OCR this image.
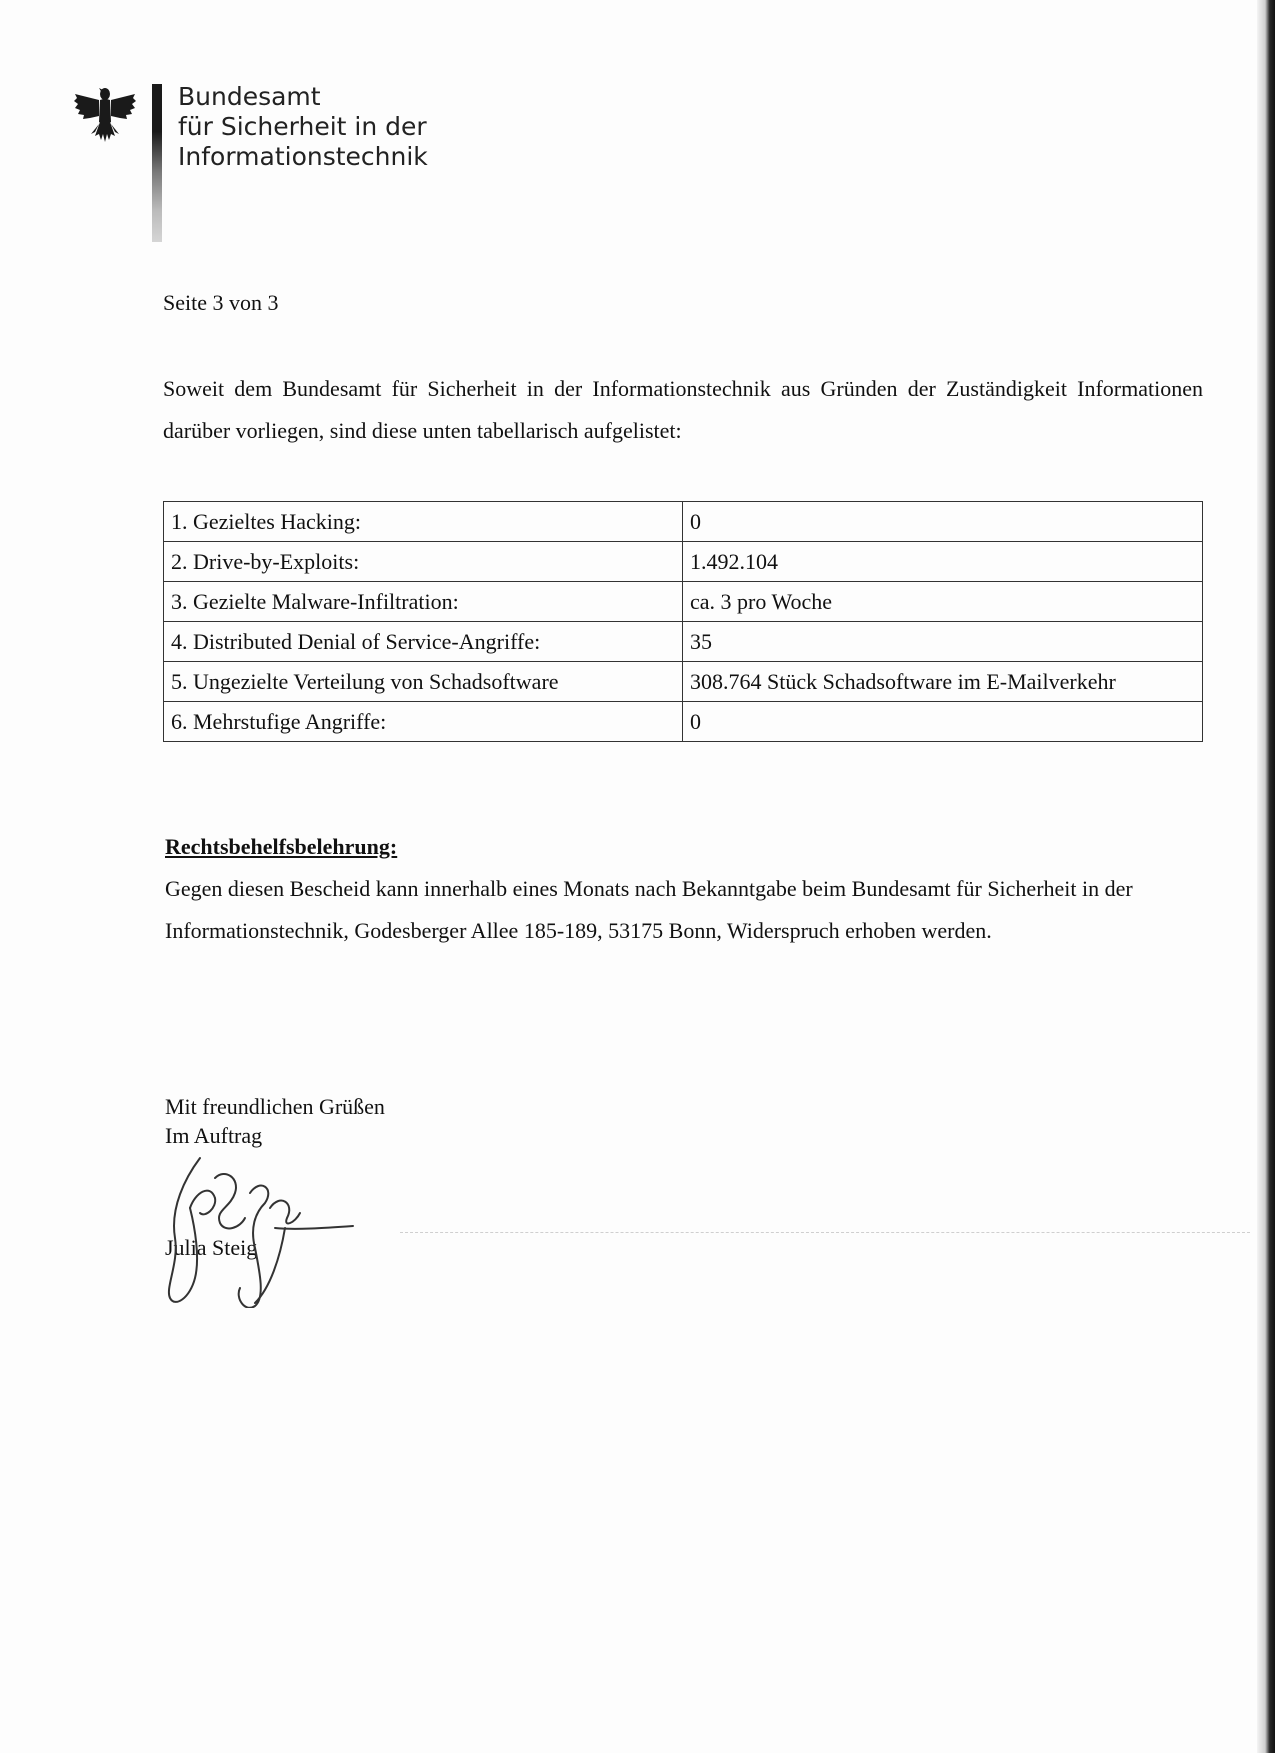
Bundesamt
für Sicherheit in der
Informationstechnik
Seite 3 von 3
Soweit dem Bundesamt für Sicherheit in der Informationstechnik aus Gründen der Zuständigkeit Informationen darüber vorliegen, sind diese unten tabellarisch aufgelistet:
1. Gezieltes Hacking:	0
2. Drive-by-Exploits:	1.492.104
3. Gezielte Malware-Infiltration:	ca. 3 pro Woche
4. Distributed Denial of Service-Angriffe:	35
5. Ungezielte Verteilung von Schadsoftware	308.764 Stück Schadsoftware im E-Mailverkehr
6. Mehrstufige Angriffe:	0
Rechtsbehelfsbelehrung:
Gegen diesen Bescheid kann innerhalb eines Monats nach Bekanntgabe beim Bundesamt für Sicherheit in der Informationstechnik, Godesberger Allee 185-189, 53175 Bonn, Widerspruch erhoben werden.
Mit freundlichen Grüßen
Im Auftrag
Julia Steig
